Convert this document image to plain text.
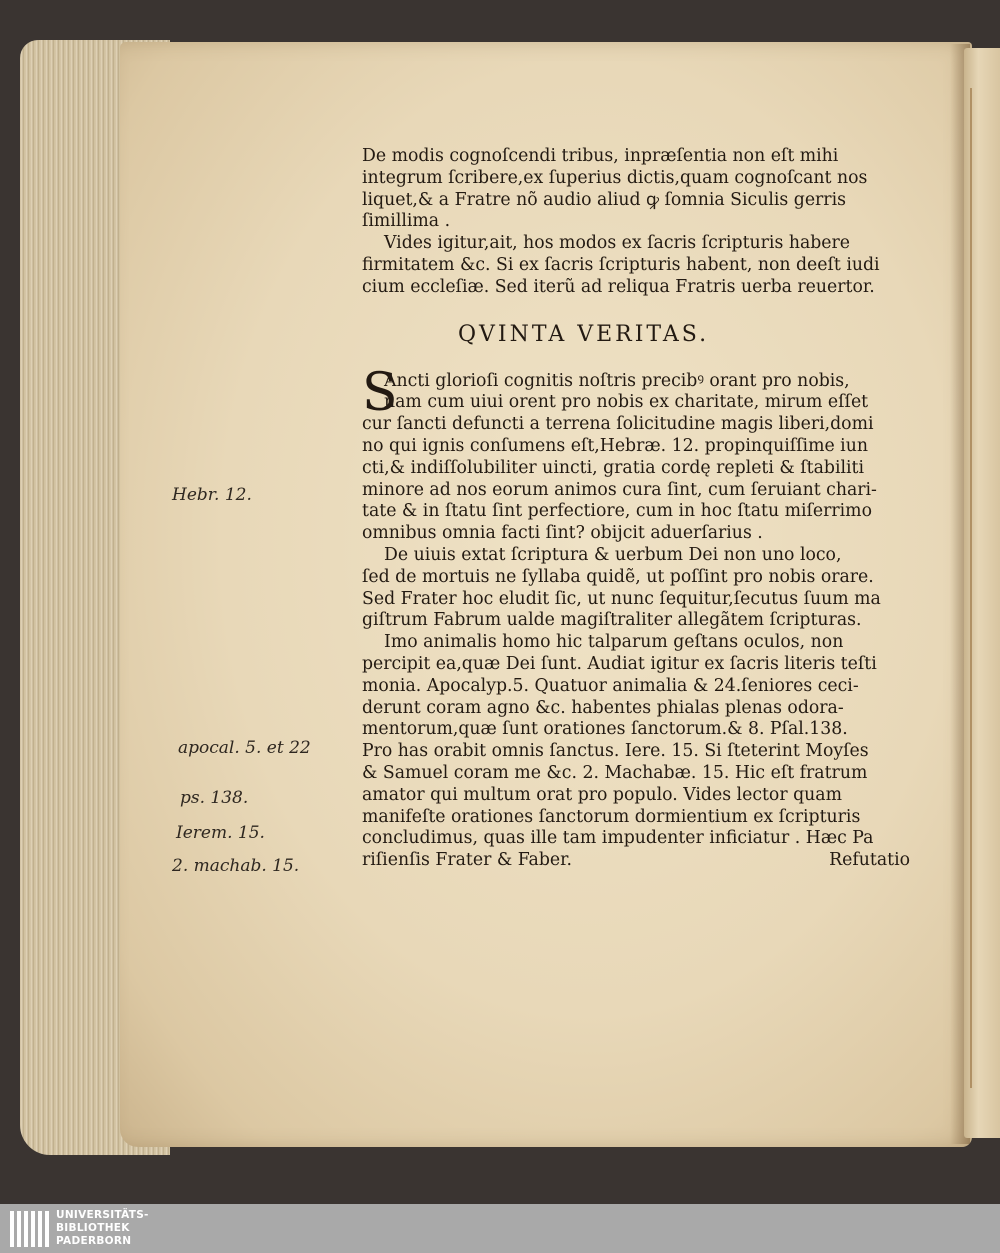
De modis cognoſcendi tribus, inpræſentia non eſt mihi
integrum ſcribere,ex ſuperius dictis,quam cognoſcant nos
liquet,& a Fratre nõ audio aliud ꝙ ſomnia Siculis gerris
ſimillima .
Vides igitur,ait, hos modos ex ſacris ſcripturis habere
firmitatem &c. Si ex ſacris ſcripturis habent, non deeſt iudi
cium eccleſiæ. Sed iterũ ad reliqua Fratris uerba reuertor.
QVINTA VERITAS.
S
Ancti glorioſi cognitis noſtris precibꝰ orant pro nobis,
nam cum uiui orent pro nobis ex charitate, mirum eſſet
cur ſancti defuncti a terrena ſolicitudine magis liberi,domi
no qui ignis conſumens eſt,Hebræ. 12. propinquiſſime iun
cti,& indiſſolubiliter uincti, gratia cordę repleti & ſtabiliti
minore ad nos eorum animos cura ſint, cum ſeruiant chari-
tate & in ſtatu ſint perfectiore, cum in hoc ſtatu miſerrimo
omnibus omnia facti ſint? obijcit aduerſarius .
De uiuis extat ſcriptura & uerbum Dei non uno loco,
ſed de mortuis ne ſyllaba quidẽ, ut poſſint pro nobis orare.
Sed Frater hoc eludit ſic, ut nunc ſequitur,ſecutus ſuum ma
giſtrum Fabrum ualde magiſtraliter allegãtem ſcripturas.
Imo animalis homo hic talparum geſtans oculos, non
percipit ea,quæ Dei ſunt. Audiat igitur ex ſacris literis teſti
monia. Apocalyp.5. Quatuor animalia & 24.ſeniores ceci-
derunt coram agno &c. habentes phialas plenas odora-
mentorum,quæ ſunt orationes ſanctorum.& 8. Pſal.138.
Pro has orabit omnis ſanctus. Iere. 15. Si ſteterint Moyſes
& Samuel coram me &c. 2. Machabæ. 15. Hic eſt fratrum
amator qui multum orat pro populo. Vides lector quam
manifeſte orationes ſanctorum dormientium ex ſcripturis
concludimus, quas ille tam impudenter inficiatur . Hæc Pa
riſienſis Frater & Faber.	Refutatio
Hebr. 12.
apocal. 5. et 22
ps. 138.
Ierem. 15.
2. machab. 15.
UNIVERSITÄTS-
BIBLIOTHEK
PADERBORN
